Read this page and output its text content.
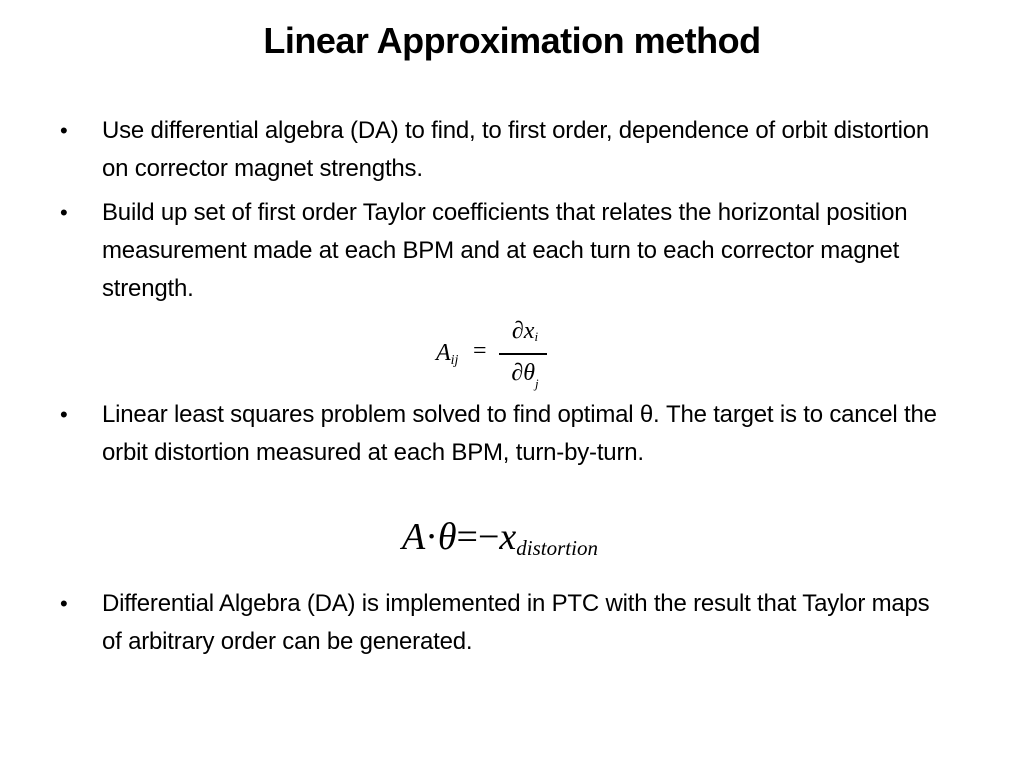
Linear Approximation method
•	Use differential algebra (DA) to find, to first order, dependence of orbit distortion on corrector magnet strengths.
•	Build up set of first order Taylor coefficients that relates the horizontal position measurement made at each BPM and at each turn to each corrector magnet strength.
$A_{ij}$ =
$\partial x_i$
$\partial\theta_j$
•	Linear least squares problem solved to find optimal θ. The target is to cancel the orbit distortion measured at each BPM, turn-by-turn.
$A\cdot\theta=-x_{distortion}$
•	Differential Algebra (DA) is implemented in PTC with the result that Taylor maps of arbitrary order can be generated.
